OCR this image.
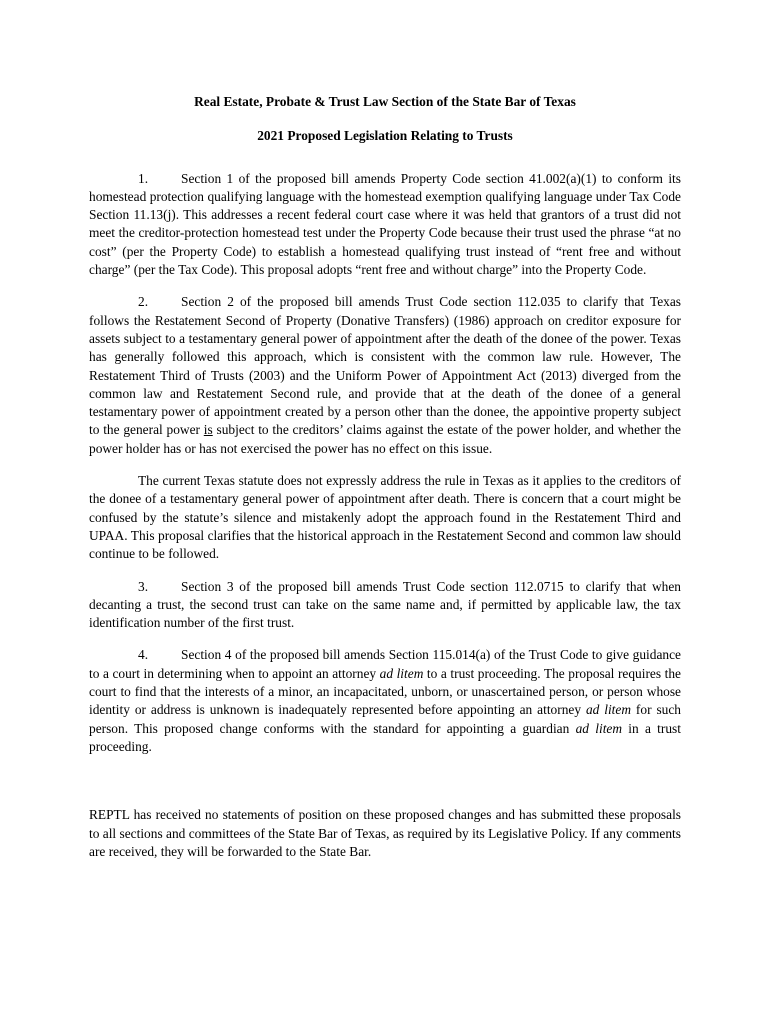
Real Estate, Probate & Trust Law Section of the State Bar of Texas

2021 Proposed Legislation Relating to Trusts

1. Section 1 of the proposed bill amends Property Code section 41.002(a)(1) to conform its homestead protection qualifying language with the homestead exemption qualifying language under Tax Code Section 11.13(j). This addresses a recent federal court case where it was held that grantors of a trust did not meet the creditor-protection homestead test under the Property Code because their trust used the phrase “at no cost” (per the Property Code) to establish a homestead qualifying trust instead of “rent free and without charge” (per the Tax Code). This proposal adopts “rent free and without charge” into the Property Code.

2. Section 2 of the proposed bill amends Trust Code section 112.035 to clarify that Texas follows the Restatement Second of Property (Donative Transfers) (1986) approach on creditor exposure for assets subject to a testamentary general power of appointment after the death of the donee of the power. Texas has generally followed this approach, which is consistent with the common law rule. However, The Restatement Third of Trusts (2003) and the Uniform Power of Appointment Act (2013) diverged from the common law and Restatement Second rule, and provide that at the death of the donee of a general testamentary power of appointment created by a person other than the donee, the appointive property subject to the general power is subject to the creditors’ claims against the estate of the power holder, and whether the power holder has or has not exercised the power has no effect on this issue.

The current Texas statute does not expressly address the rule in Texas as it applies to the creditors of the donee of a testamentary general power of appointment after death. There is concern that a court might be confused by the statute’s silence and mistakenly adopt the approach found in the Restatement Third and UPAA. This proposal clarifies that the historical approach in the Restatement Second and common law should continue to be followed.

3. Section 3 of the proposed bill amends Trust Code section 112.0715 to clarify that when decanting a trust, the second trust can take on the same name and, if permitted by applicable law, the tax identification number of the first trust.

4. Section 4 of the proposed bill amends Section 115.014(a) of the Trust Code to give guidance to a court in determining when to appoint an attorney ad litem to a trust proceeding. The proposal requires the court to find that the interests of a minor, an incapacitated, unborn, or unascertained person, or person whose identity or address is unknown is inadequately represented before appointing an attorney ad litem for such person. This proposed change conforms with the standard for appointing a guardian ad litem in a trust proceeding.

REPTL has received no statements of position on these proposed changes and has submitted these proposals to all sections and committees of the State Bar of Texas, as required by its Legislative Policy. If any comments are received, they will be forwarded to the State Bar.
